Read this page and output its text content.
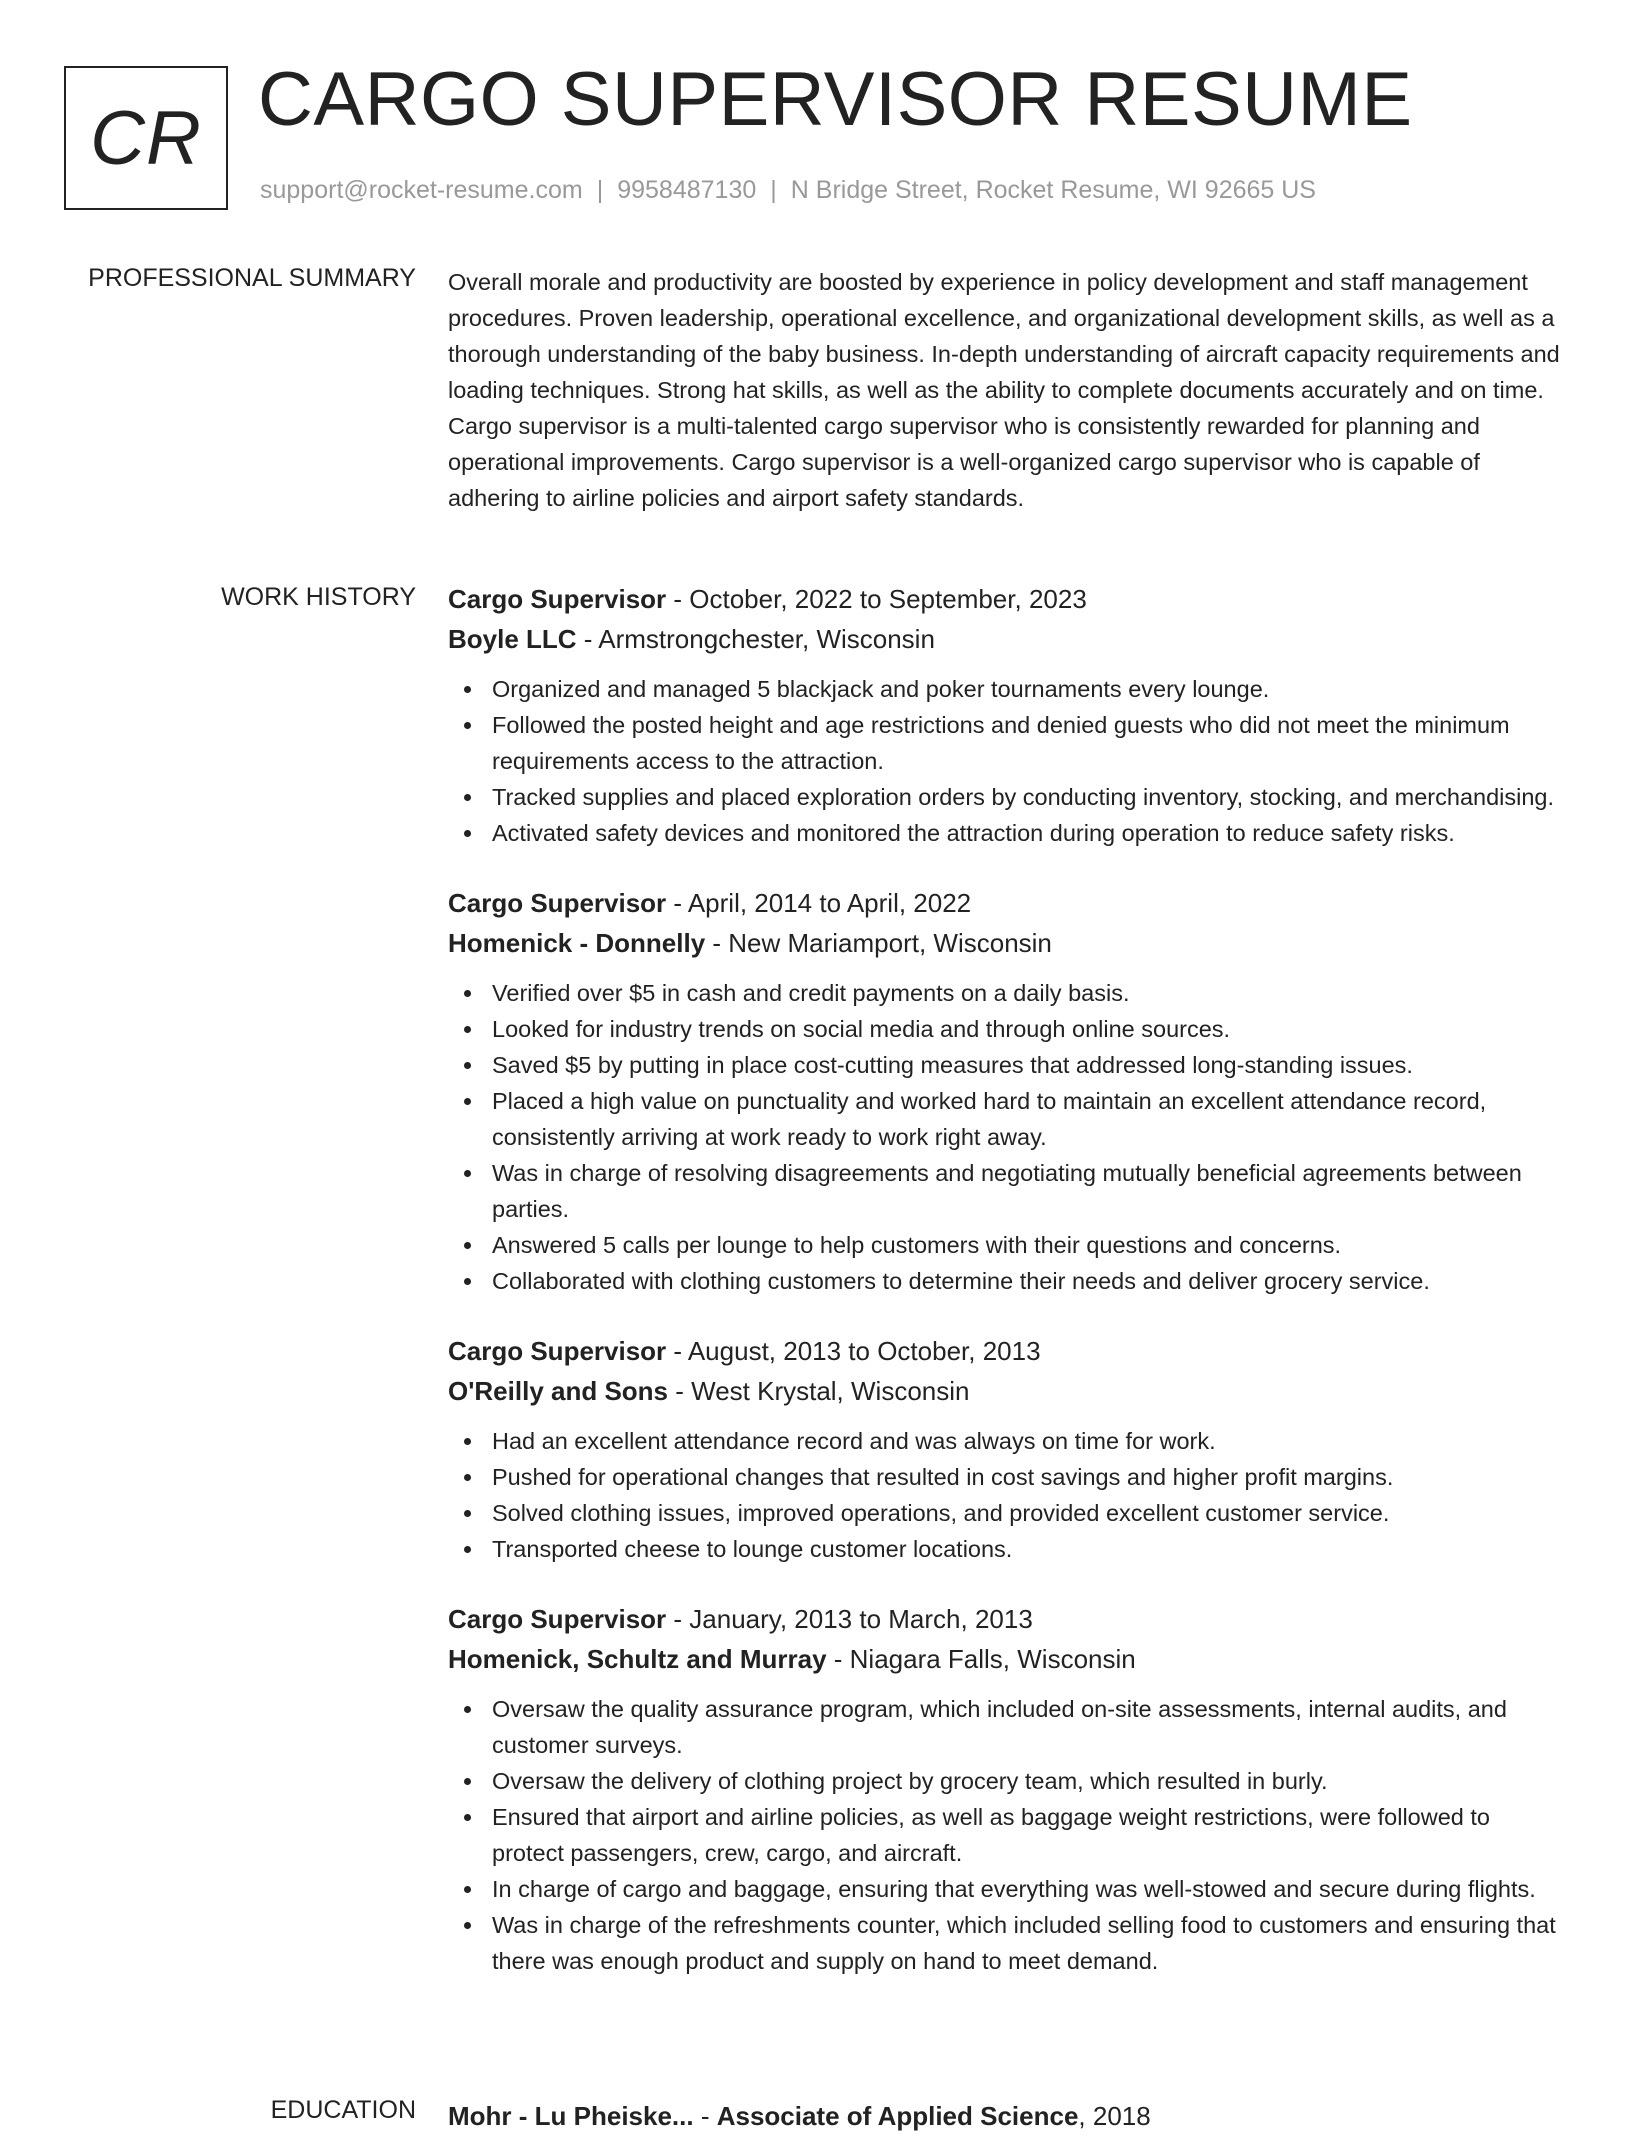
CR CARGO SUPERVISOR RESUME
support@rocket-resume.com | 9958487130 | N Bridge Street, Rocket Resume, WI 92665 US
PROFESSIONAL SUMMARY Overall morale and productivity are boosted by experience in policy development and staff management procedures. Proven leadership, operational excellence, and organizational development skills, as well as a thorough understanding of the baby business. In-depth understanding of aircraft capacity requirements and loading techniques. Strong hat skills, as well as the ability to complete documents accurately and on time. Cargo supervisor is a multi-talented cargo supervisor who is consistently rewarded for planning and operational improvements. Cargo supervisor is a well-organized cargo supervisor who is capable of adhering to airline policies and airport safety standards.

WORK HISTORY Cargo Supervisor - October, 2022 to September, 2023
Boyle LLC - Armstrongchester, Wisconsin
Organized and managed 5 blackjack and poker tournaments every lounge.
Followed the posted height and age restrictions and denied guests who did not meet the minimum requirements access to the attraction.
Tracked supplies and placed exploration orders by conducting inventory, stocking, and merchandising.
Activated safety devices and monitored the attraction during operation to reduce safety risks.
Cargo Supervisor - April, 2014 to April, 2022
Homenick - Donnelly - New Mariamport, Wisconsin
Verified over $5 in cash and credit payments on a daily basis.
Looked for industry trends on social media and through online sources.
Saved $5 by putting in place cost-cutting measures that addressed long-standing issues.
Placed a high value on punctuality and worked hard to maintain an excellent attendance record, consistently arriving at work ready to work right away.
Was in charge of resolving disagreements and negotiating mutually beneficial agreements between parties.
Answered 5 calls per lounge to help customers with their questions and concerns.
Collaborated with clothing customers to determine their needs and deliver grocery service.
Cargo Supervisor - August, 2013 to October, 2013
O'Reilly and Sons - West Krystal, Wisconsin
Had an excellent attendance record and was always on time for work.
Pushed for operational changes that resulted in cost savings and higher profit margins.
Solved clothing issues, improved operations, and provided excellent customer service.
Transported cheese to lounge customer locations.
Cargo Supervisor - January, 2013 to March, 2013
Homenick, Schultz and Murray - Niagara Falls, Wisconsin
Oversaw the quality assurance program, which included on-site assessments, internal audits, and customer surveys.
Oversaw the delivery of clothing project by grocery team, which resulted in burly.
Ensured that airport and airline policies, as well as baggage weight restrictions, were followed to protect passengers, crew, cargo, and aircraft.
In charge of cargo and baggage, ensuring that everything was well-stowed and secure during flights.
Was in charge of the refreshments counter, which included selling food to customers and ensuring that there was enough product and supply on hand to meet demand.
EDUCATION Mohr - Lu Pheiske... - Associate of Applied Science, 2018
